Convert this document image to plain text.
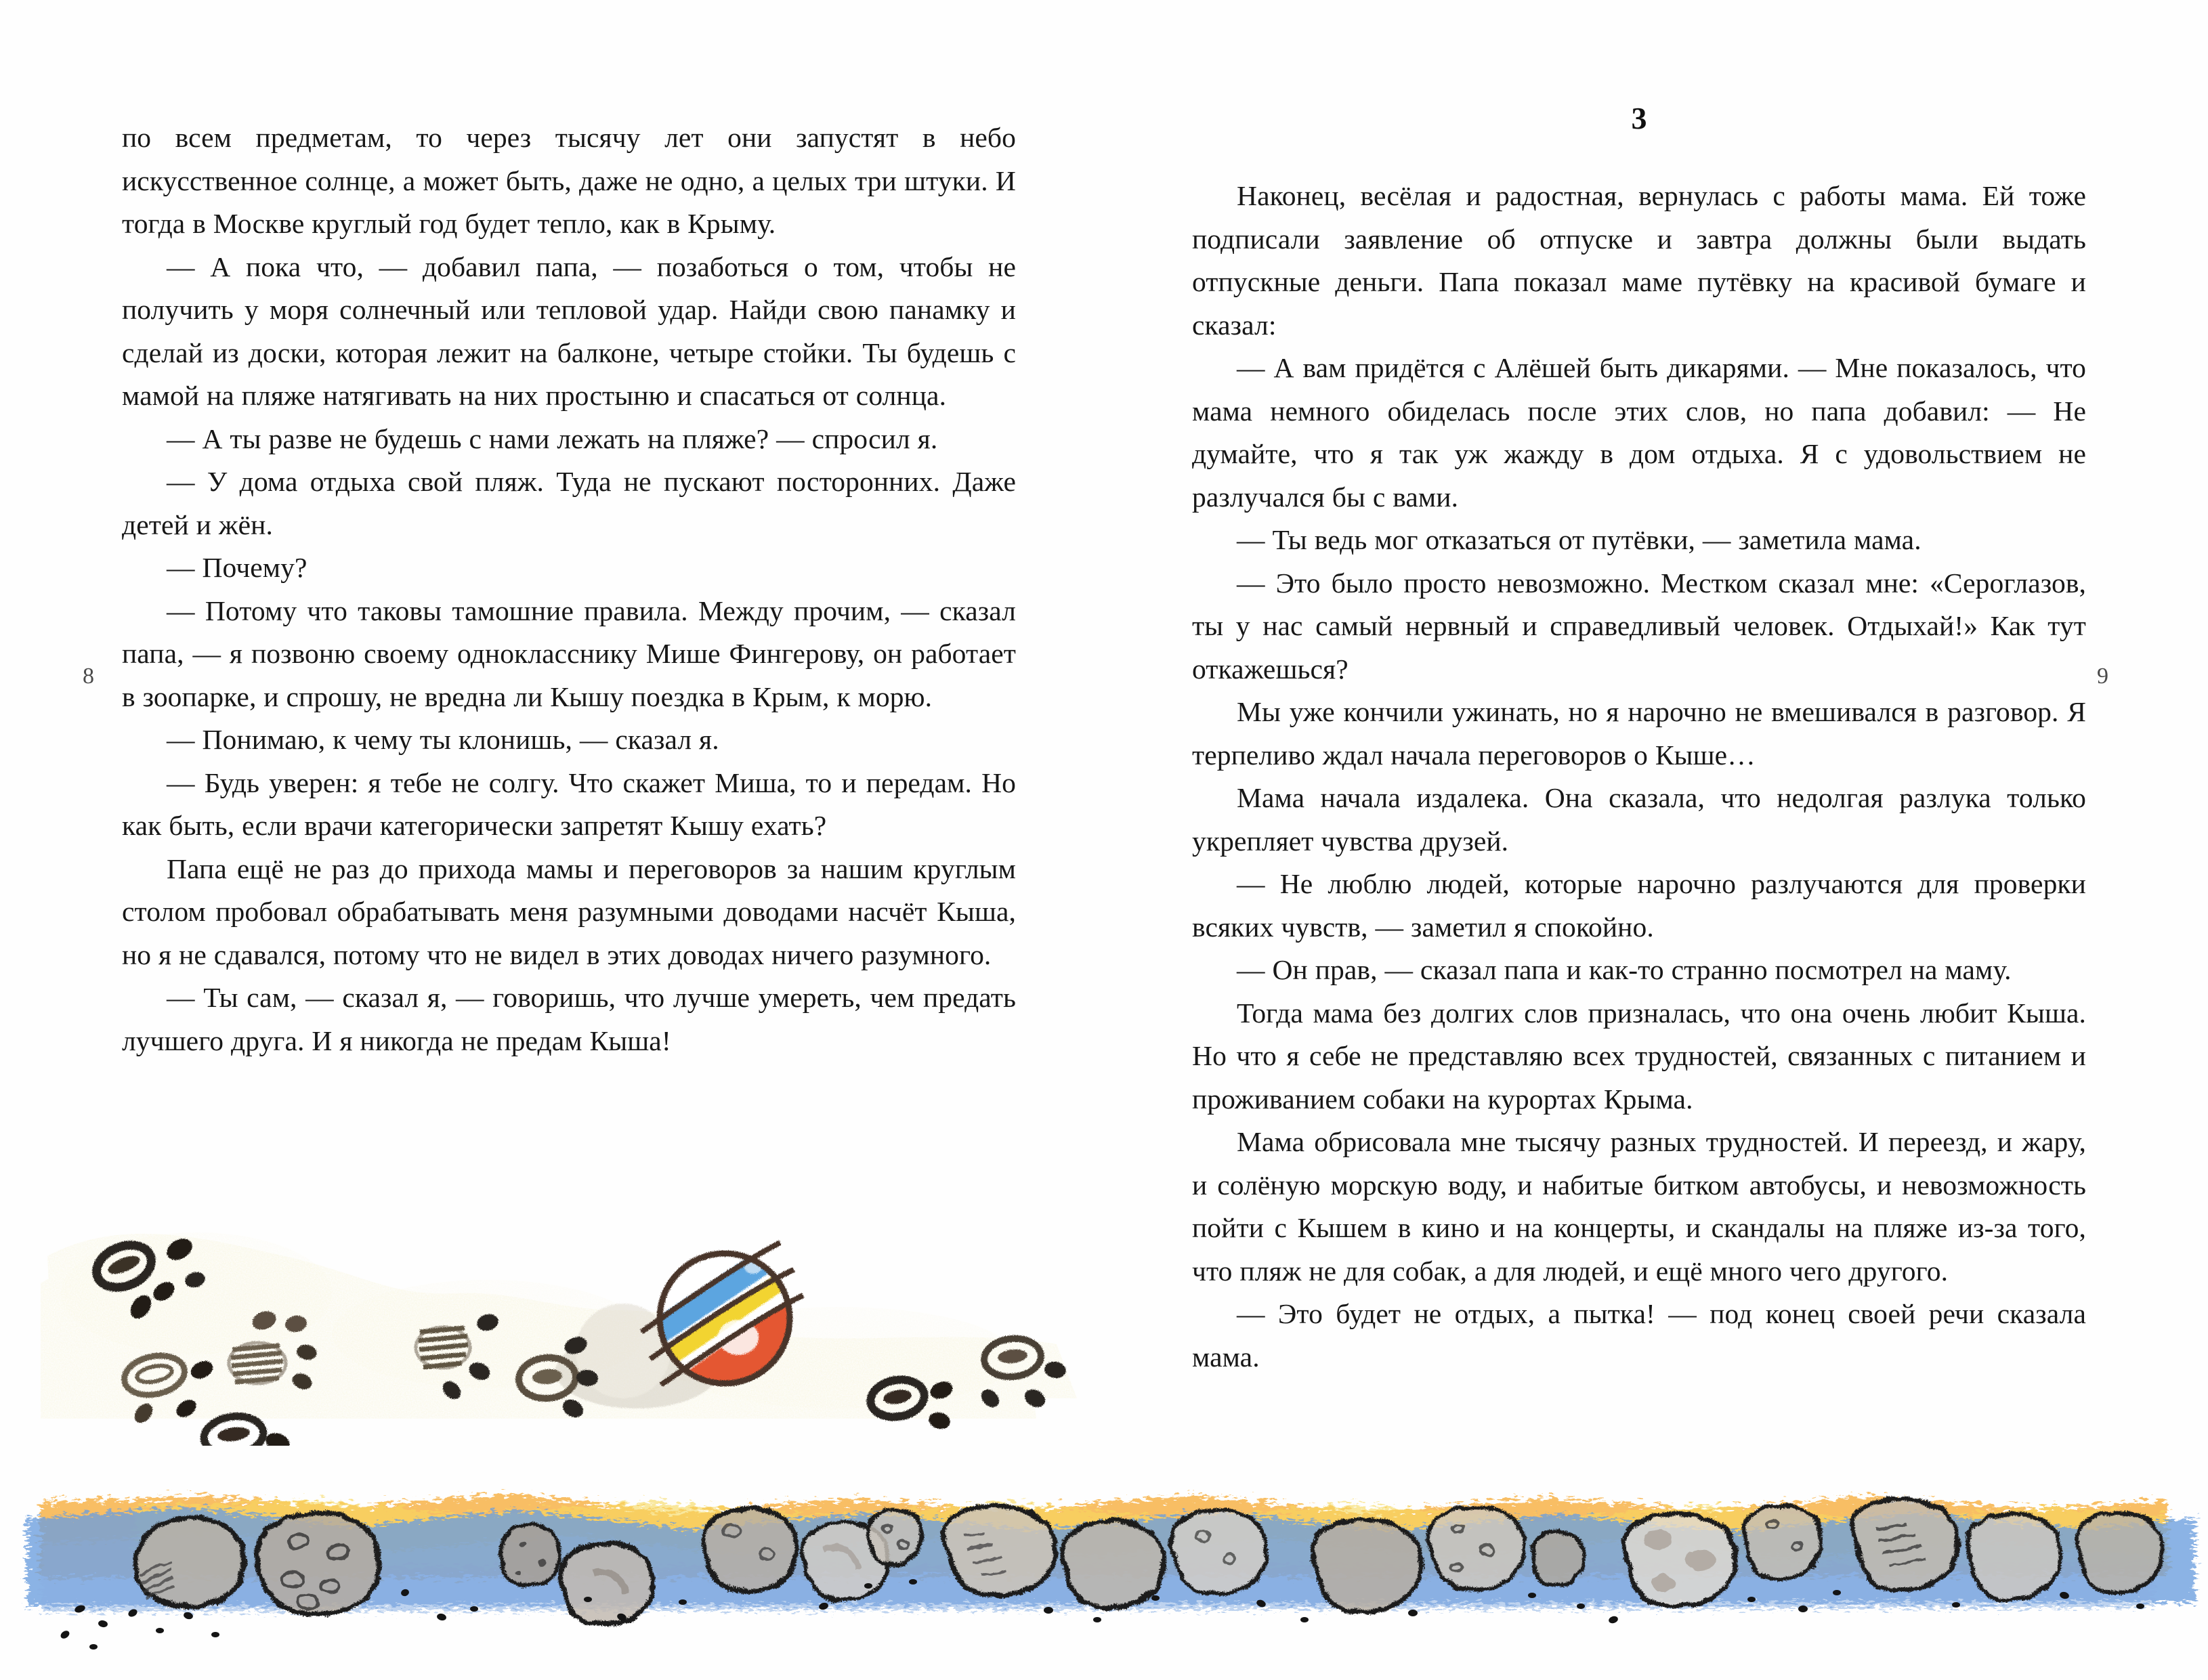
по всем предметам, то через тысячу лет они запустят в небо искусственное солнце, а может быть, даже не одно, а целых три штуки. И тогда в Москве круглый год будет тепло, как в Крыму.

— А пока что, — добавил папа, — позаботься о том, чтобы не получить у моря солнечный или тепловой удар. Найди свою панамку и сделай из доски, которая лежит на балконе, четыре стойки. Ты будешь с мамой на пляже натягивать на них простыню и спасаться от солнца.

— А ты разве не будешь с нами лежать на пляже? — спросил я.

— У дома отдыха свой пляж. Туда не пускают посторонних. Даже детей и жён.

— Почему?

— Потому что таковы тамошние правила. Между прочим, — сказал папа, — я позвоню своему однокласснику Мише Фингерову, он работает в зоопарке, и спрошу, не вредна ли Кышу поездка в Крым, к морю.

— Понимаю, к чему ты клонишь, — сказал я.

— Будь уверен: я тебе не солгу. Что скажет Миша, то и передам. Но как быть, если врачи категорически запретят Кышу ехать?

Папа ещё не раз до прихода мамы и переговоров за нашим круглым столом пробовал обрабатывать меня разумными доводами насчёт Кыша, но я не сдавался, потому что не видел в этих доводах ничего разумного.

— Ты сам, — сказал я, — говоришь, что лучше умереть, чем предать лучшего друга. И я никогда не предам Кыша!

3

Наконец, весёлая и радостная, вернулась с работы мама. Ей тоже подписали заявление об отпуске и завтра должны были выдать отпускные деньги. Папа показал маме путёвку на красивой бумаге и сказал:

— А вам придётся с Алёшей быть дикарями. — Мне показалось, что мама немного обиделась после этих слов, но папа добавил: — Не думайте, что я так уж жажду в дом отдыха. Я с удовольствием не разлучался бы с вами.

— Ты ведь мог отказаться от путёвки, — заметила мама.

— Это было просто невозможно. Местком сказал мне: «Сероглазов, ты у нас самый нервный и справедливый человек. Отдыхай!» Как тут откажешься?

Мы уже кончили ужинать, но я нарочно не вмешивался в разговор. Я терпеливо ждал начала переговоров о Кыше…

Мама начала издалека. Она сказала, что недолгая разлука только укрепляет чувства друзей.

— Не люблю людей, которые нарочно разлучаются для проверки всяких чувств, — заметил я спокойно.

— Он прав, — сказал папа и как-то странно посмотрел на маму.

Тогда мама без долгих слов призналась, что она очень любит Кыша. Но что я себе не представляю всех трудностей, связанных с питанием и проживанием собаки на курортах Крыма.

Мама обрисовала мне тысячу разных трудностей. И переезд, и жару, и солёную морскую воду, и набитые битком автобусы, и невозможность пойти с Кышем в кино и на концерты, и скандалы на пляже из-за того, что пляж не для собак, а для людей, и ещё много чего другого.

— Это будет не отдых, а пытка! — под конец своей речи сказала мама.

8	9
